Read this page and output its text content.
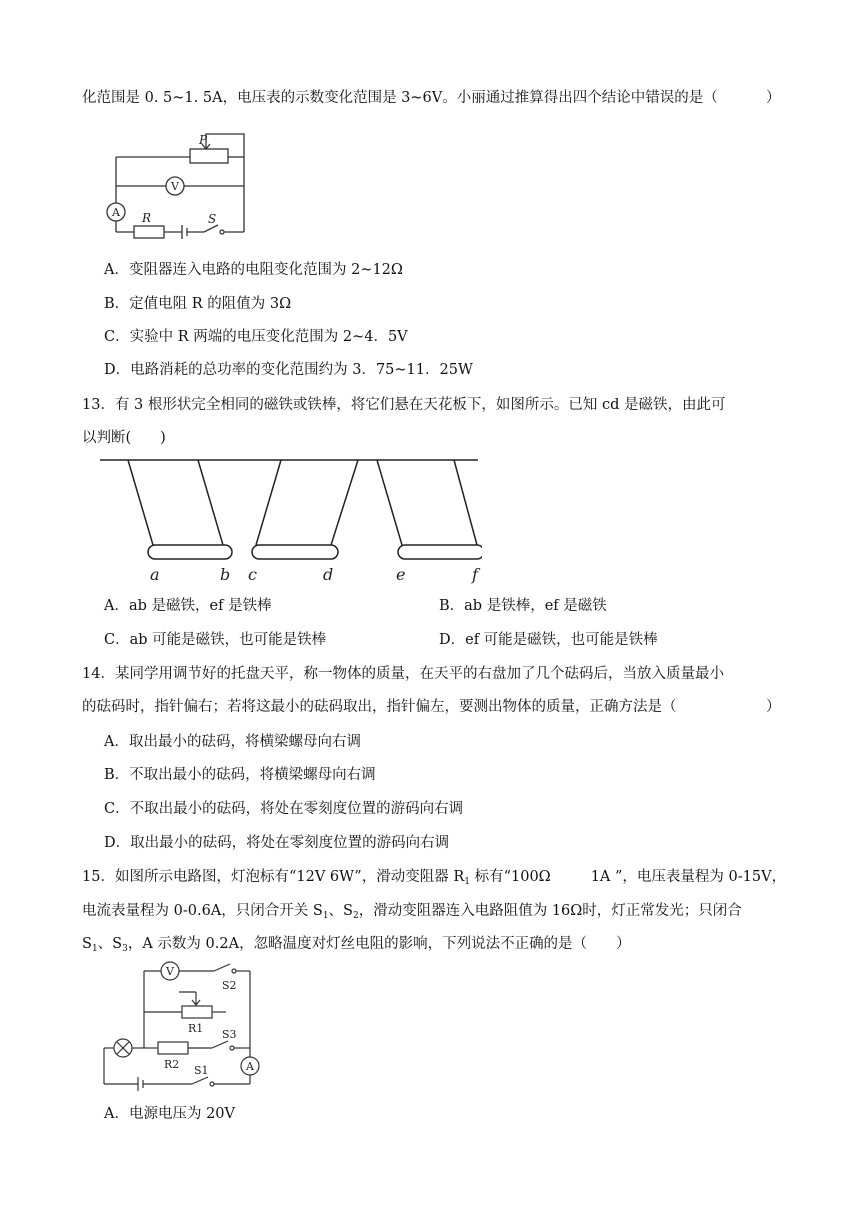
化范围是 0. 5~1. 5A，电压表的示数变化范围是 3~6V。小丽通过推算得出四个结论中错误的是（	）
P
V
A R	S
A．变阻器连入电路的电阻变化范围为 2~12Ω
B．定值电阻 R 的阻值为 3Ω
C．实验中 R 两端的电压变化范围为 2~4．5V
D．电路消耗的总功率的变化范围约为 3．75~11．25W
13．有 3 根形状完全相同的磁铁或铁棒，将它们悬在天花板下，如图所示。已知 cd 是磁铁，由此可
以判断(　　)
a	b c	d	e	f
A．ab 是磁铁，ef 是铁棒	B．ab 是铁棒，ef 是磁铁
C．ab 可能是磁铁，也可能是铁棒	D．ef 可能是磁铁，也可能是铁棒
14．某同学用调节好的托盘天平，称一物体的质量，在天平的右盘加了几个砝码后，当放入质量最小
的砝码时，指针偏右；若将这最小的砝码取出，指针偏左，要测出物体的质量，正确方法是（	）
A．取出最小的砝码，将横梁螺母向右调
B．不取出最小的砝码，将横梁螺母向右调
C．不取出最小的砝码，将处在零刻度位置的游码向右调
D．取出最小的砝码，将处在零刻度位置的游码向右调
15．如图所示电路图，灯泡标有“12V 6W”，滑动变阻器 $R_1$ 标有“100Ω	1A ”，电压表量程为 0-15V，
电流表量程为 0-0.6A，只闭合开关 $S_1$、$S_2$，滑动变阻器连入电路阻值为 16Ω时，灯正常发光；只闭合
$S_1$、$S_3$，A 示数为 0.2A，忽略温度对灯丝电阻的影响，下列说法不正确的是（　　）
V
S2
R1 S3
R2 S1	A
A．电源电压为 20V
